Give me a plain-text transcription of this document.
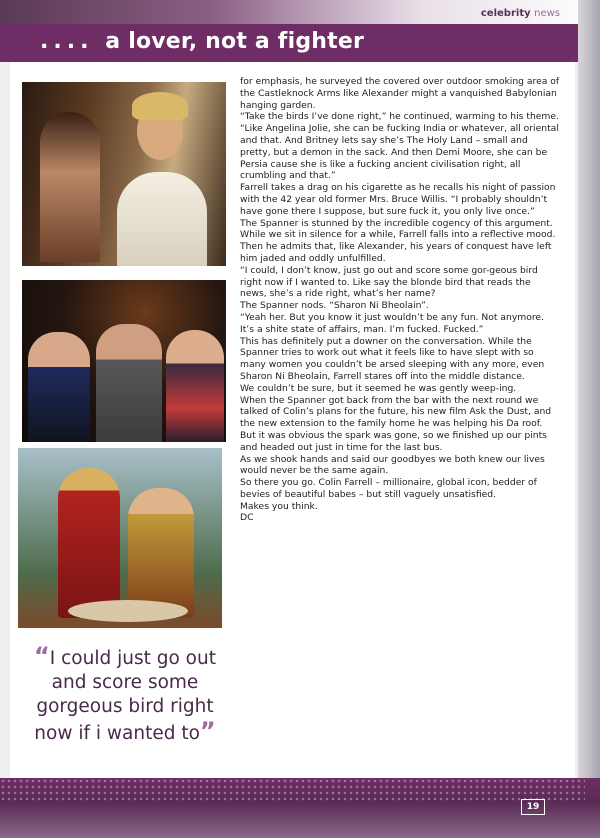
celebrity news
.... a lover, not a fighter
“I could just go out and score some gorgeous bird right now if i wanted to”

for emphasis, he surveyed the covered over outdoor smoking area of the Castleknock Arms like Alexander might a vanquished Babylonian hanging garden.

“Take the birds I’ve done right,” he continued, warming to his theme. “Like Angelina Jolie, she can be fucking India or whatever, all oriental and that. And Britney lets say she’s The Holy Land – small and pretty, but a demon in the sack. And then Demi Moore, she can be Persia cause she is like a fucking ancient civilisation right, all crumbling and that.”

Farrell takes a drag on his cigarette as he recalls his night of passion with the 42 year old former Mrs. Bruce Willis. “I probably shouldn’t have gone there I suppose, but sure fuck it, you only live once.”

The Spanner is stunned by the incredible cogency of this argument. While we sit in silence for a while, Farrell falls into a reflective mood. Then he admits that, like Alexander, his years of conquest have left him jaded and oddly unfulfilled.

“I could, I don’t know, just go out and score some gor-geous bird right now if I wanted to. Like say the blonde bird that reads the news, she’s a ride right, what’s her name?

The Spanner nods. “Sharon Ni Bheolain”.

“Yeah her. But you know it just wouldn’t be any fun. Not anymore. It’s a shite state of affairs, man. I’m fucked. Fucked.”

This has definitely put a downer on the conversation. While the Spanner tries to work out what it feels like to have slept with so many women you couldn’t be arsed sleeping with any more, even Sharon Ni Bheolain, Farrell stares off into the middle distance.

We couldn’t be sure, but it seemed he was gently weep-ing.

When the Spanner got back from the bar with the next round we talked of Colin’s plans for the future, his new film Ask the Dust, and the new extension to the family home he was helping his Da roof.

But it was obvious the spark was gone, so we finished up our pints and headed out just in time for the last bus.

As we shook hands and said our goodbyes we both knew our lives would never be the same again.

So there you go. Colin Farrell – millionaire, global icon, bedder of bevies of beautiful babes – but still vaguely unsatisfied.

Makes you think.

DC

19
